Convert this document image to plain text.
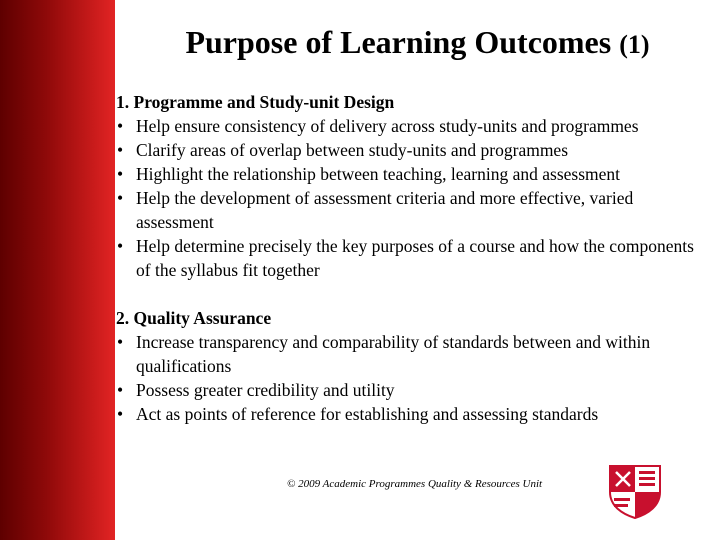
Purpose of Learning Outcomes (1)
1. Programme and Study-unit Design
• Help ensure consistency of delivery across study-units and programmes
• Clarify areas of overlap between study-units and programmes
• Highlight the relationship between teaching, learning and assessment
• Help the development of assessment criteria and more effective, varied assessment
• Help determine precisely the key purposes of a course and how the components of the syllabus fit together
2. Quality Assurance
• Increase transparency and comparability of standards between and within qualifications
• Possess greater credibility and utility
• Act as points of reference for establishing and assessing standards
© 2009 Academic Programmes Quality & Resources Unit
